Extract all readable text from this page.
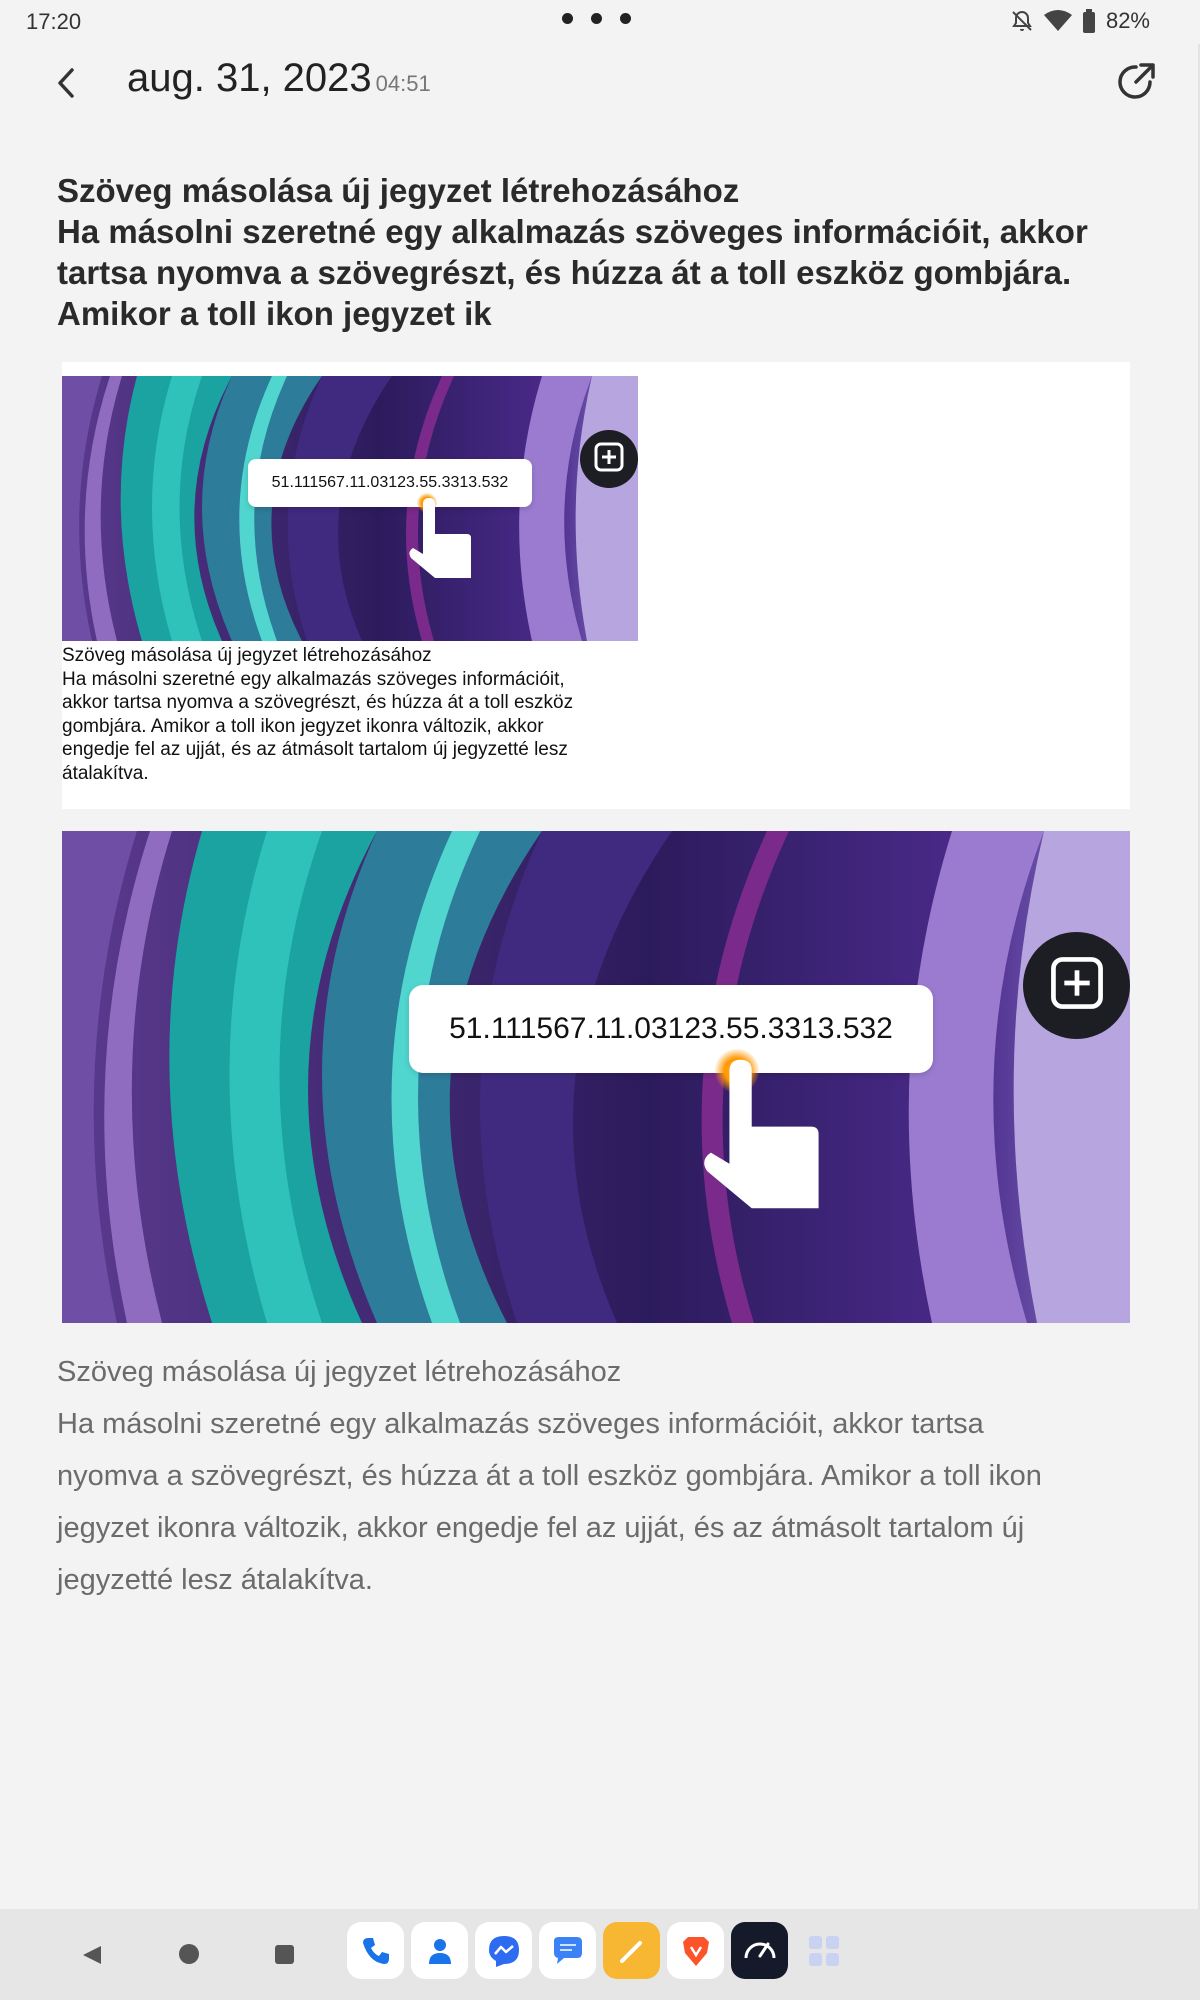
17:20	82%
aug. 31, 2023 04:51
Szöveg másolása új jegyzet létrehozásához
Ha másolni szeretné egy alkalmazás szöveges információit, akkor
tartsa nyomva a szövegrészt, és húzza át a toll eszköz gombjára.
Amikor a toll ikon jegyzet ik
51.111567.11.03123.55.3313.532
Szöveg másolása új jegyzet létrehozásához
Ha másolni szeretné egy alkalmazás szöveges információit,
akkor tartsa nyomva a szövegrészt, és húzza át a toll eszköz
gombjára. Amikor a toll ikon jegyzet ikonra változik, akkor
engedje fel az ujját, és az átmásolt tartalom új jegyzetté lesz
átalakítva.
51.111567.11.03123.55.3313.532
Szöveg másolása új jegyzet létrehozásához
Ha másolni szeretné egy alkalmazás szöveges információit, akkor tartsa
nyomva a szövegrészt, és húzza át a toll eszköz gombjára. Amikor a toll ikon
jegyzet ikonra változik, akkor engedje fel az ujját, és az átmásolt tartalom új
jegyzetté lesz átalakítva.
